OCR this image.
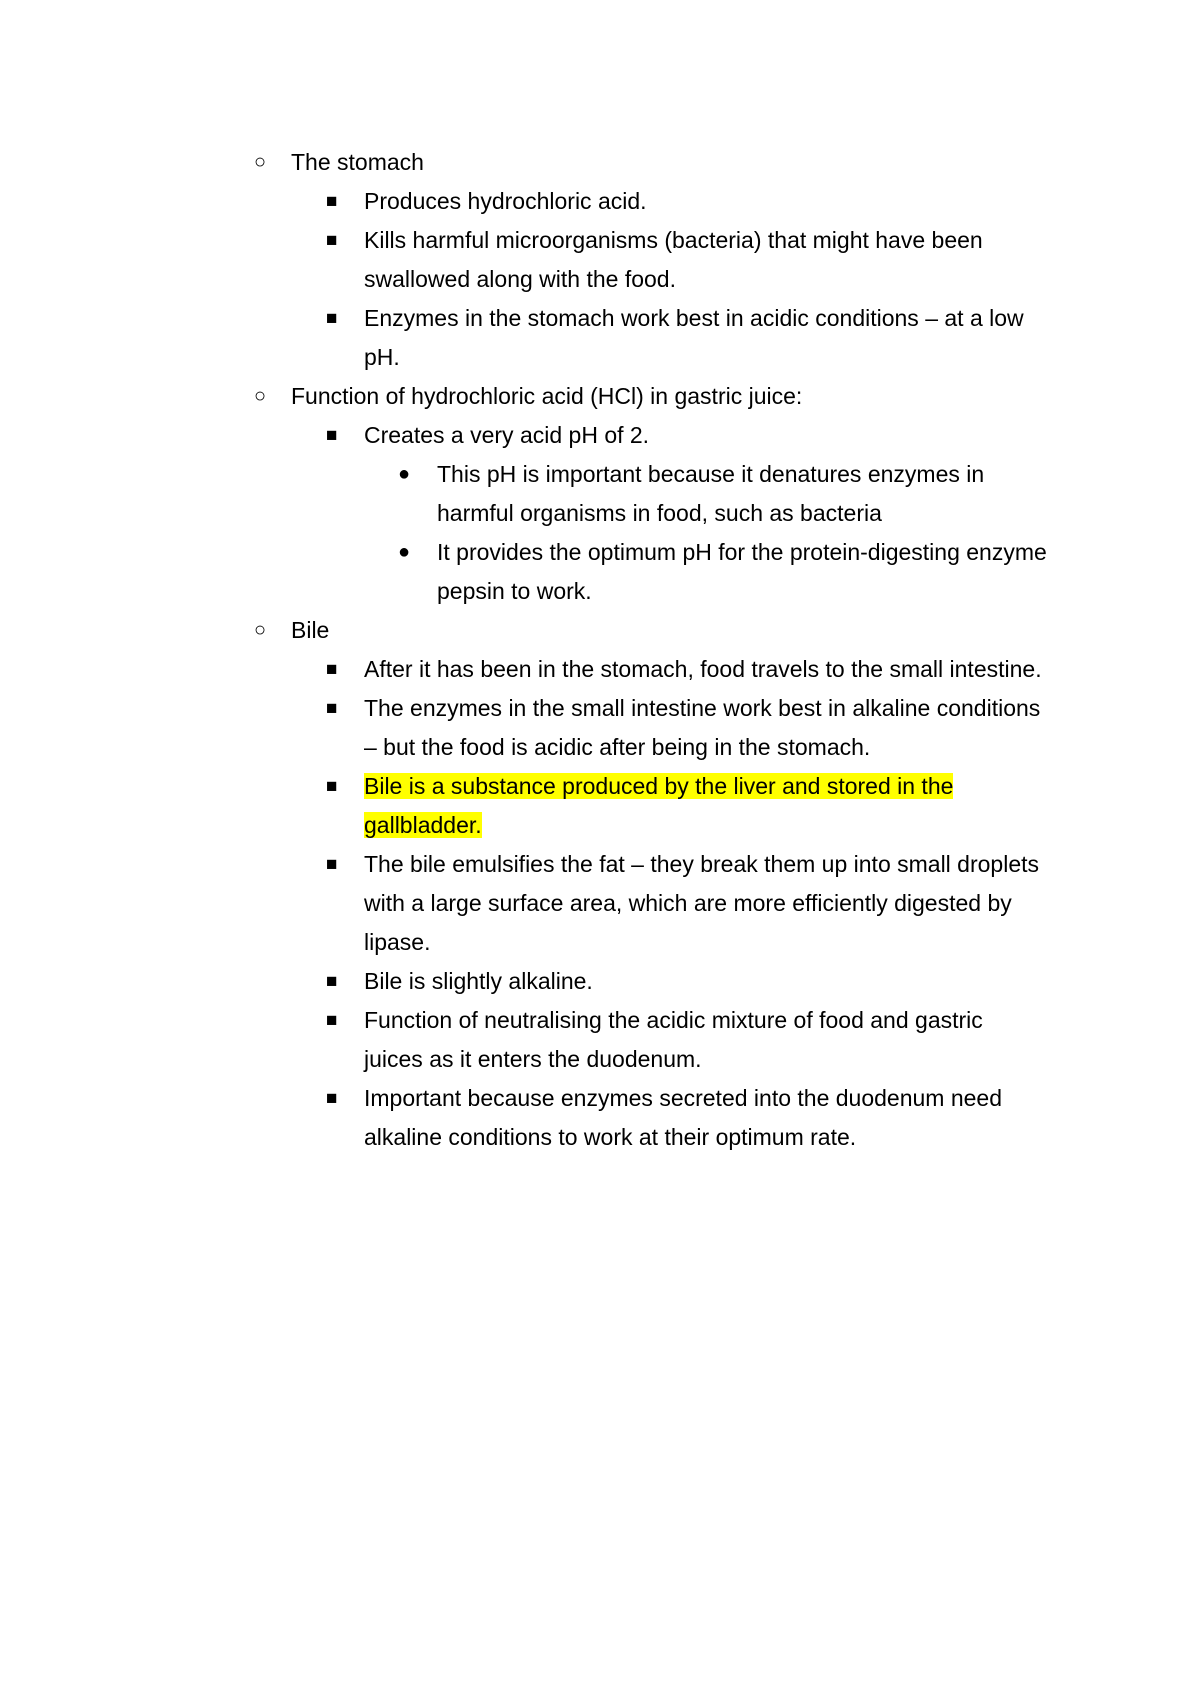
○ The stomach
■ Produces hydrochloric acid.
■ Kills harmful microorganisms (bacteria) that might have been swallowed along with the food.
■ Enzymes in the stomach work best in acidic conditions – at a low pH.
○ Function of hydrochloric acid (HCl) in gastric juice:
■ Creates a very acid pH of 2.
● This pH is important because it denatures enzymes in harmful organisms in food, such as bacteria
● It provides the optimum pH for the protein-digesting enzyme pepsin to work.
○ Bile
■ After it has been in the stomach, food travels to the small intestine.
■ The enzymes in the small intestine work best in alkaline conditions – but the food is acidic after being in the stomach.
■ Bile is a substance produced by the liver and stored in the gallbladder.
■ The bile emulsifies the fat – they break them up into small droplets with a large surface area, which are more efficiently digested by lipase.
■ Bile is slightly alkaline.
■ Function of neutralising the acidic mixture of food and gastric juices as it enters the duodenum.
■ Important because enzymes secreted into the duodenum need alkaline conditions to work at their optimum rate.
